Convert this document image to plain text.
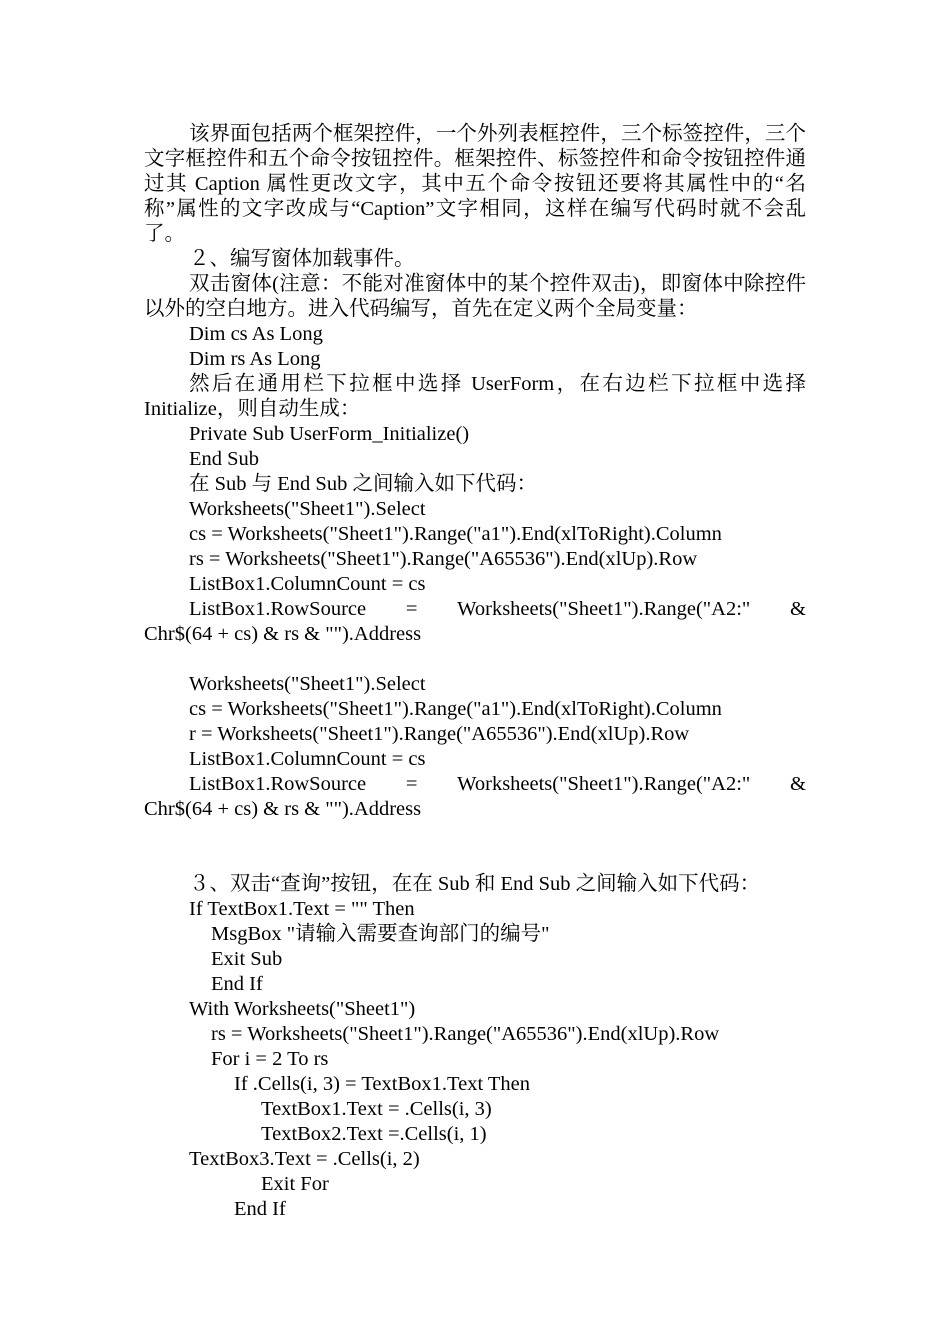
该界面包括两个框架控件，一个外列表框控件，三个标签控件，三个文字框控件和五个命令按钮控件。框架控件、标签控件和命令按钮控件通过其 Caption 属性更改文字，其中五个命令按钮还要将其属性中的“名称”属性的文字改成与“Caption”文字相同，这样在编写代码时就不会乱了。

２、编写窗体加载事件。

双击窗体(注意：不能对准窗体中的某个控件双击)，即窗体中除控件以外的空白地方。进入代码编写，首先在定义两个全局变量：

Dim cs As Long

Dim rs As Long

然后在通用栏下拉框中选择 UserForm，在右边栏下拉框中选择 Initialize，则自动生成：

Private Sub UserForm_Initialize()

End Sub

在 Sub 与 End Sub 之间输入如下代码：

Worksheets("Sheet1").Select

cs = Worksheets("Sheet1").Range("a1").End(xlToRight).Column

rs = Worksheets("Sheet1").Range("A65536").End(xlUp).Row

ListBox1.ColumnCount = cs

ListBox1.RowSource = Worksheets("Sheet1").Range("A2:" &

Chr$(64 + cs) & rs & "").Address

Worksheets("Sheet1").Select

cs = Worksheets("Sheet1").Range("a1").End(xlToRight).Column

r = Worksheets("Sheet1").Range("A65536").End(xlUp).Row

ListBox1.ColumnCount = cs

ListBox1.RowSource = Worksheets("Sheet1").Range("A2:" &

Chr$(64 + cs) & rs & "").Address

３、双击“查询”按钮，在在 Sub 和 End Sub 之间输入如下代码：

If TextBox1.Text = "" Then

MsgBox "请输入需要查询部门的编号"

Exit Sub

End If

With Worksheets("Sheet1")

rs = Worksheets("Sheet1").Range("A65536").End(xlUp).Row

For i = 2 To rs

If .Cells(i, 3) = TextBox1.Text Then

TextBox1.Text = .Cells(i, 3)

TextBox2.Text =.Cells(i, 1)

TextBox3.Text = .Cells(i, 2)

Exit For

End If
